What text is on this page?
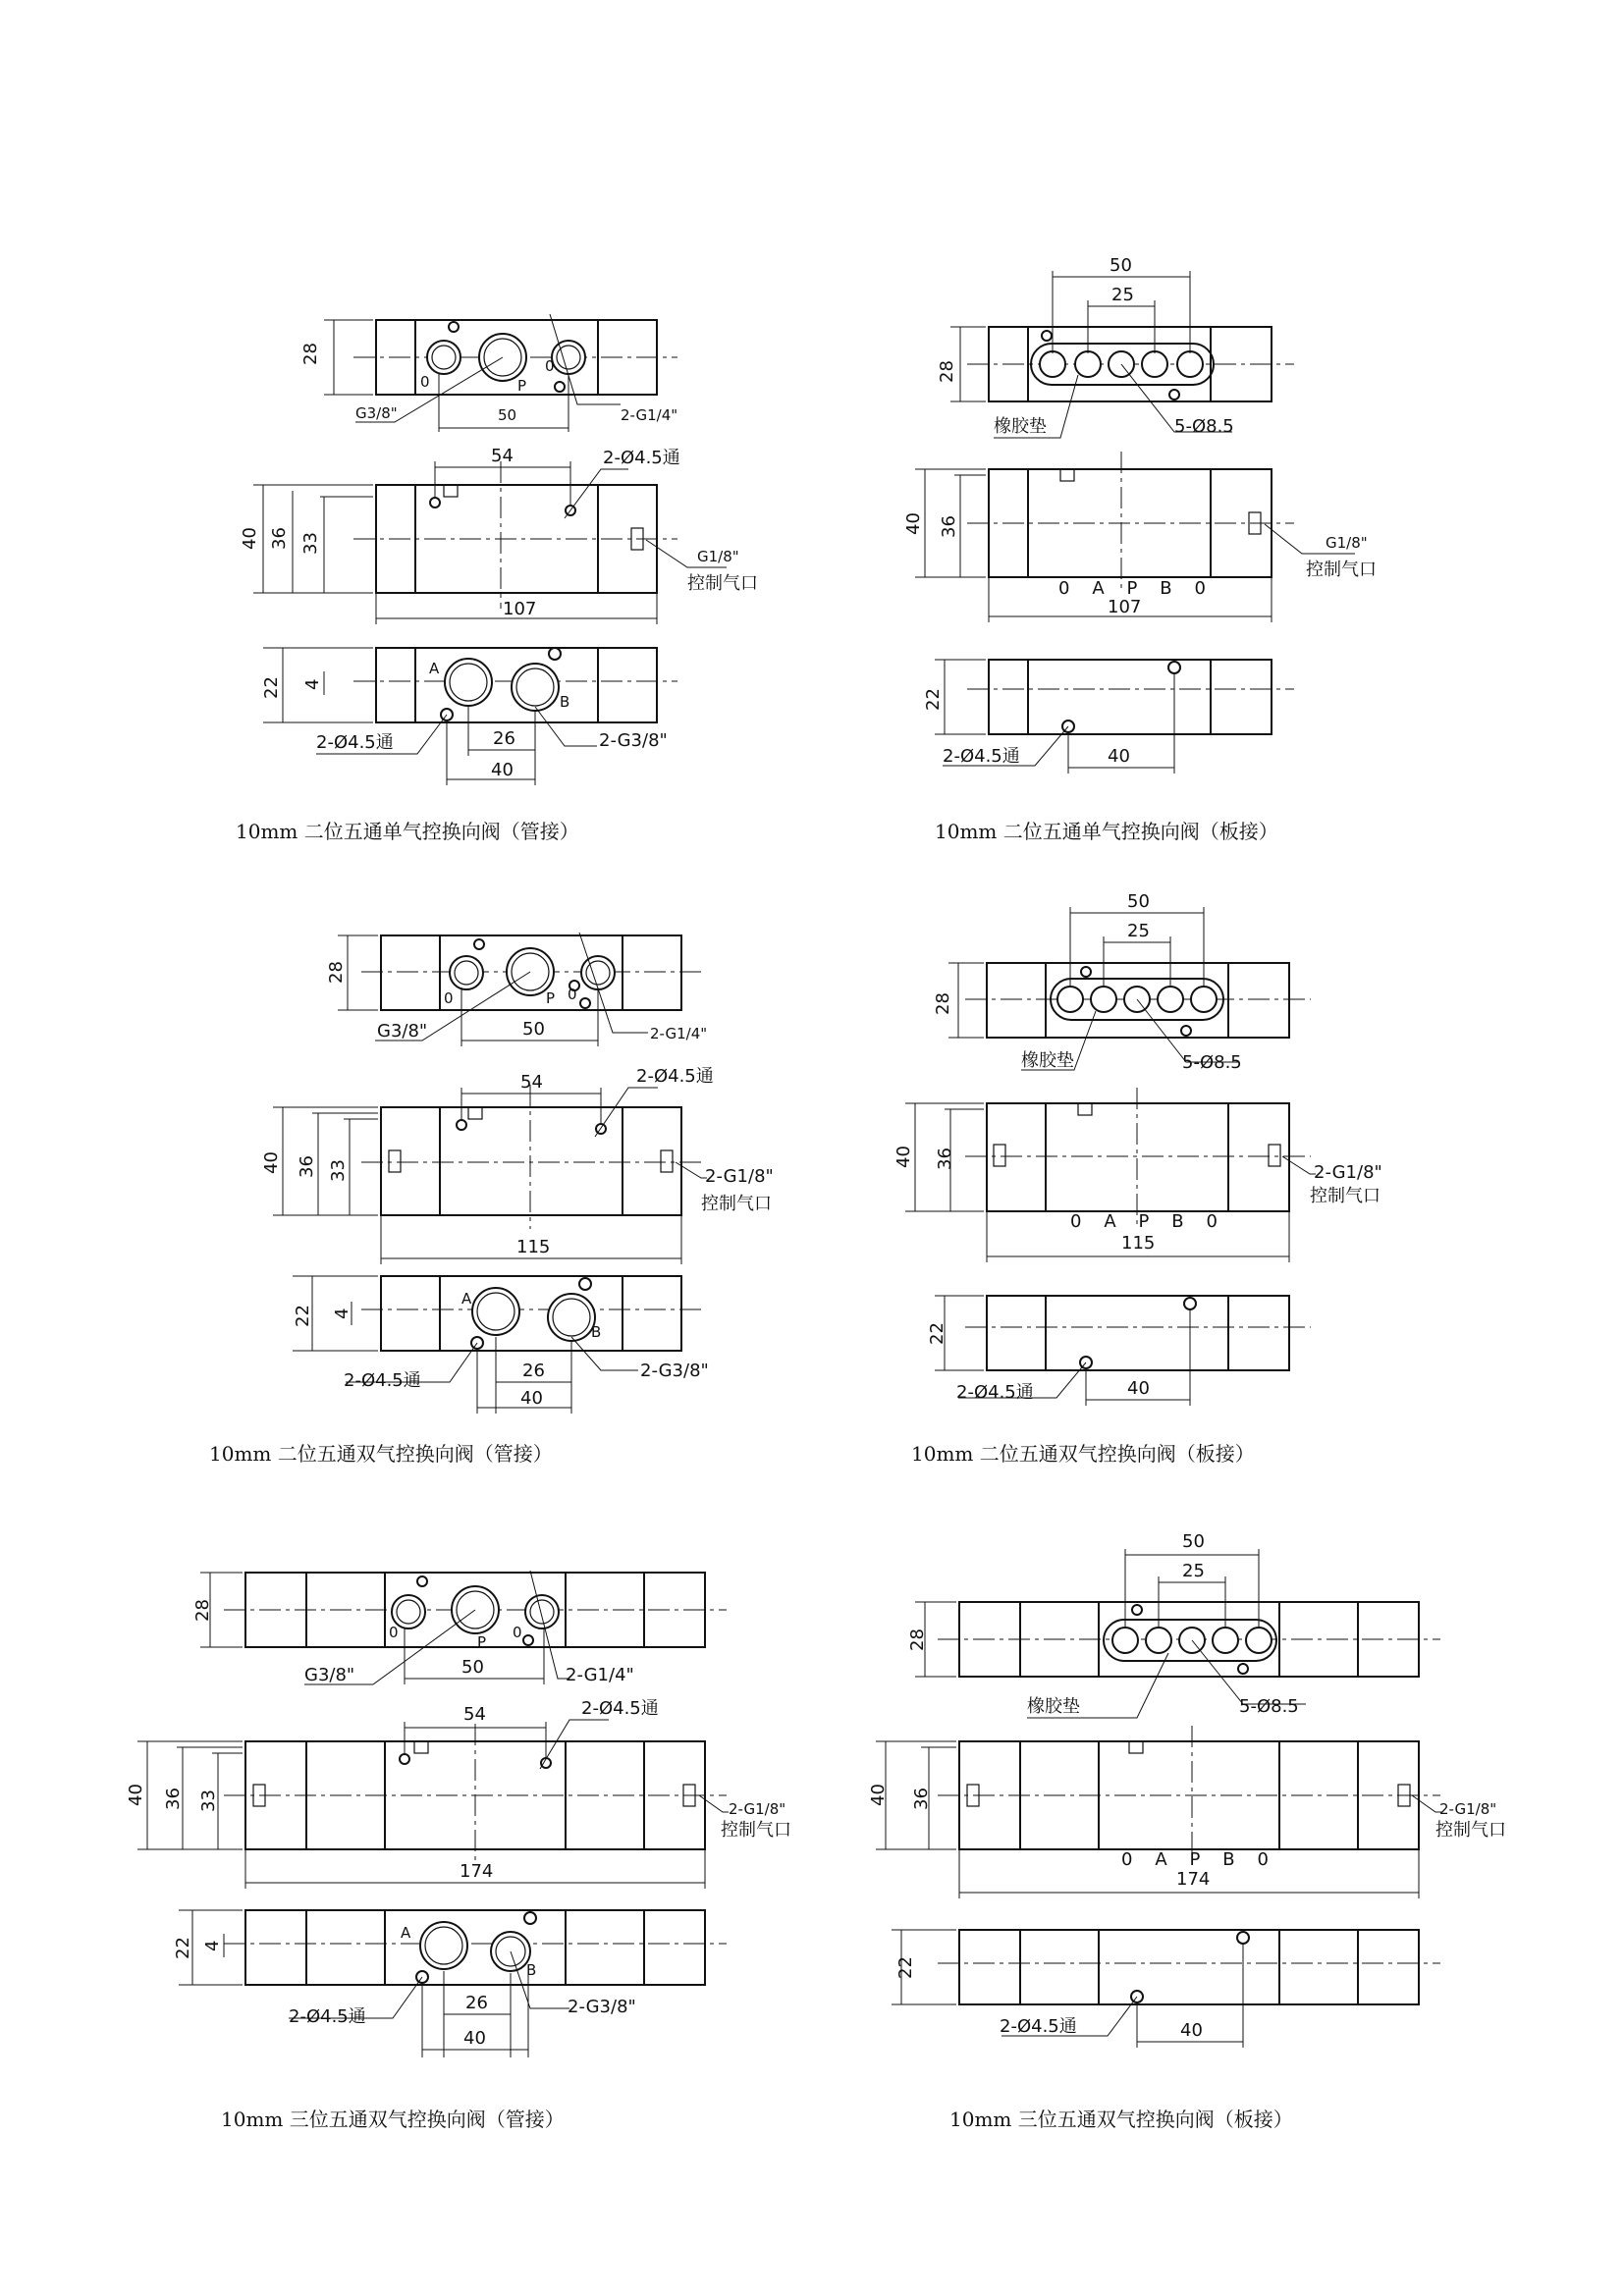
0	P
0
28
50
G3/8"	2-G1/4"
54	2-Ø4.5通
40 36 33
107
G1/8"
控制气口
A
B
22 4
26
40
2-Ø4.5通	2-G3/8"
10mm 二位五通单气控换向阀（管接）
50
25
28
橡胶垫	5-Ø8.5
40 36
0    A    P    B    0
107
G1/8"
控制气口
22
40
2-Ø4.5通
10mm 二位五通单气控换向阀（板接）
0	P 0
28
50
G3/8"	2-G1/4"
54	2-Ø4.5通
40 36 33
115
2-G1/8"
控制气口
A
B
22 4
26
40
2-Ø4.5通	2-G3/8"
10mm 二位五通双气控换向阀（管接）
50
25
28
橡胶垫	5-Ø8.5
40 36
0    A    P    B    0
115
2-G1/8"
控制气口
22
40
2-Ø4.5通
10mm 二位五通双气控换向阀（板接）
0
P
0
28
50
G3/8"	2-G1/4"
54	2-Ø4.5通
40 36 33
174
2-G1/8"
控制气口
A
B
22 4
26
40
2-Ø4.5通	2-G3/8"
10mm 三位五通双气控换向阀（管接）
50
25
28
橡胶垫	5-Ø8.5
40 36
0    A    P    B    0
174
2-G1/8"
控制气口
22
40
2-Ø4.5通
10mm 三位五通双气控换向阀（板接）
